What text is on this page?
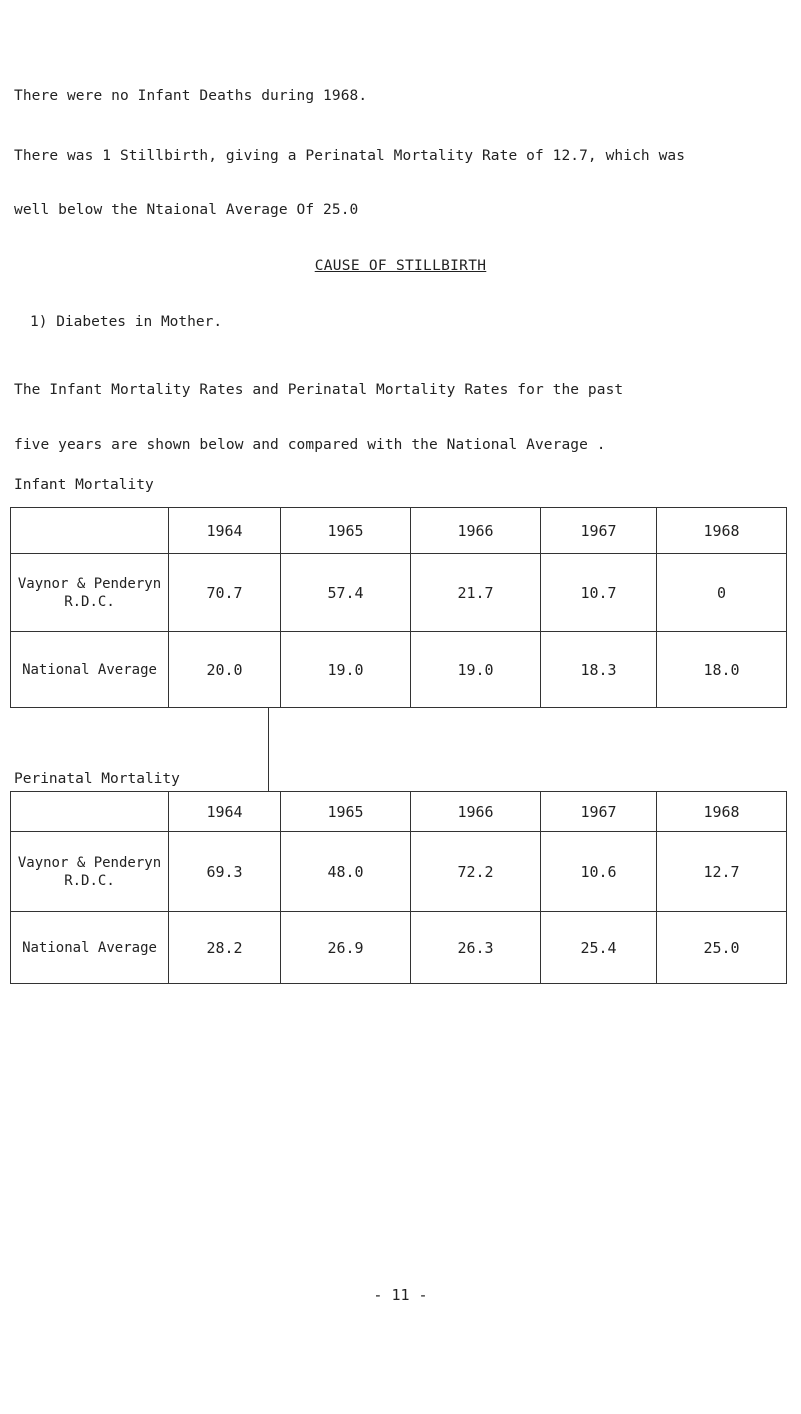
There were no Infant Deaths during 1968.
There was 1 Stillbirth, giving a Perinatal Mortality Rate of 12.7, which was
well below the Ntaional Average Of 25.0
CAUSE OF STILLBIRTH
1) Diabetes in Mother.
The Infant Mortality Rates and Perinatal Mortality Rates for the past
five years are shown below and compared with the National Average .
Infant Mortality
	1964	1965	1966	1967	1968
Vaynor & Penderyn
R.D.C.	70.7	57.4	21.7	10.7	0
National Average	20.0	19.0	19.0	18.3	18.0
Perinatal Mortality
	1964	1965	1966	1967	1968
Vaynor & Penderyn
R.D.C.	69.3	48.0	72.2	10.6	12.7
National Average	28.2	26.9	26.3	25.4	25.0
- 11 -
